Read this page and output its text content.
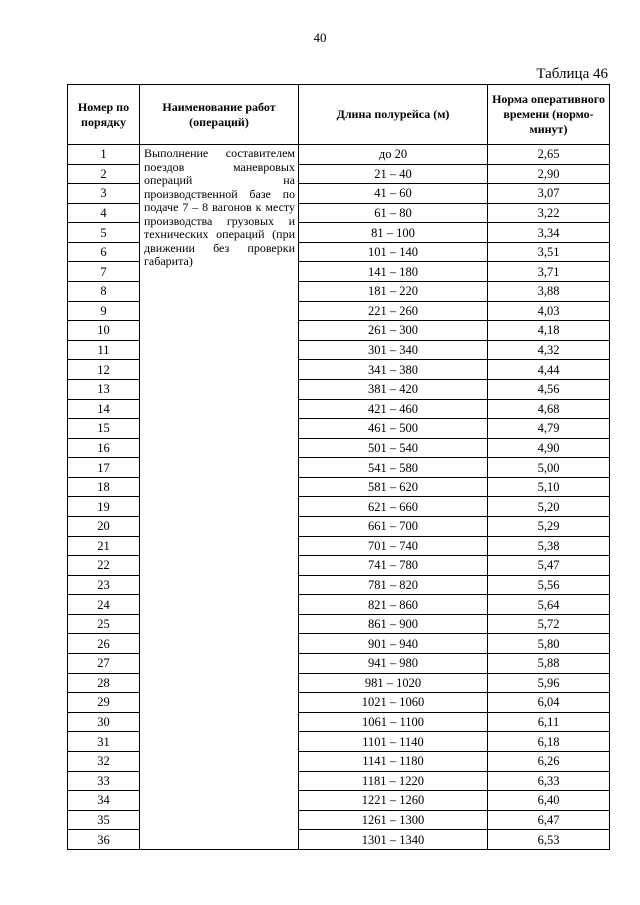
40
Таблица 46
Номер по порядку	Наименование работ (операций)	Длина полурейса (м)	Норма оперативного времени (нормо-минут)
1	Выполнение составителем поездов маневровых операций на производственной базе по подаче 7 – 8 вагонов к месту производства грузовых и технических операций (при движении без проверки габарита)	до 20	2,65
2		21 – 40	2,90
3		41 – 60	3,07
4		61 – 80	3,22
5		81 – 100	3,34
6		101 – 140	3,51
7		141 – 180	3,71
8		181 – 220	3,88
9		221 – 260	4,03
10		261 – 300	4,18
11		301 – 340	4,32
12		341 – 380	4,44
13		381 – 420	4,56
14		421 – 460	4,68
15		461 – 500	4,79
16		501 – 540	4,90
17		541 – 580	5,00
18		581 – 620	5,10
19		621 – 660	5,20
20		661 – 700	5,29
21		701 – 740	5,38
22		741 – 780	5,47
23		781 – 820	5,56
24		821 – 860	5,64
25		861 – 900	5,72
26		901 – 940	5,80
27		941 – 980	5,88
28		981 – 1020	5,96
29		1021 – 1060	6,04
30		1061 – 1100	6,11
31		1101 – 1140	6,18
32		1141 – 1180	6,26
33		1181 – 1220	6,33
34		1221 – 1260	6,40
35		1261 – 1300	6,47
36		1301 – 1340	6,53
